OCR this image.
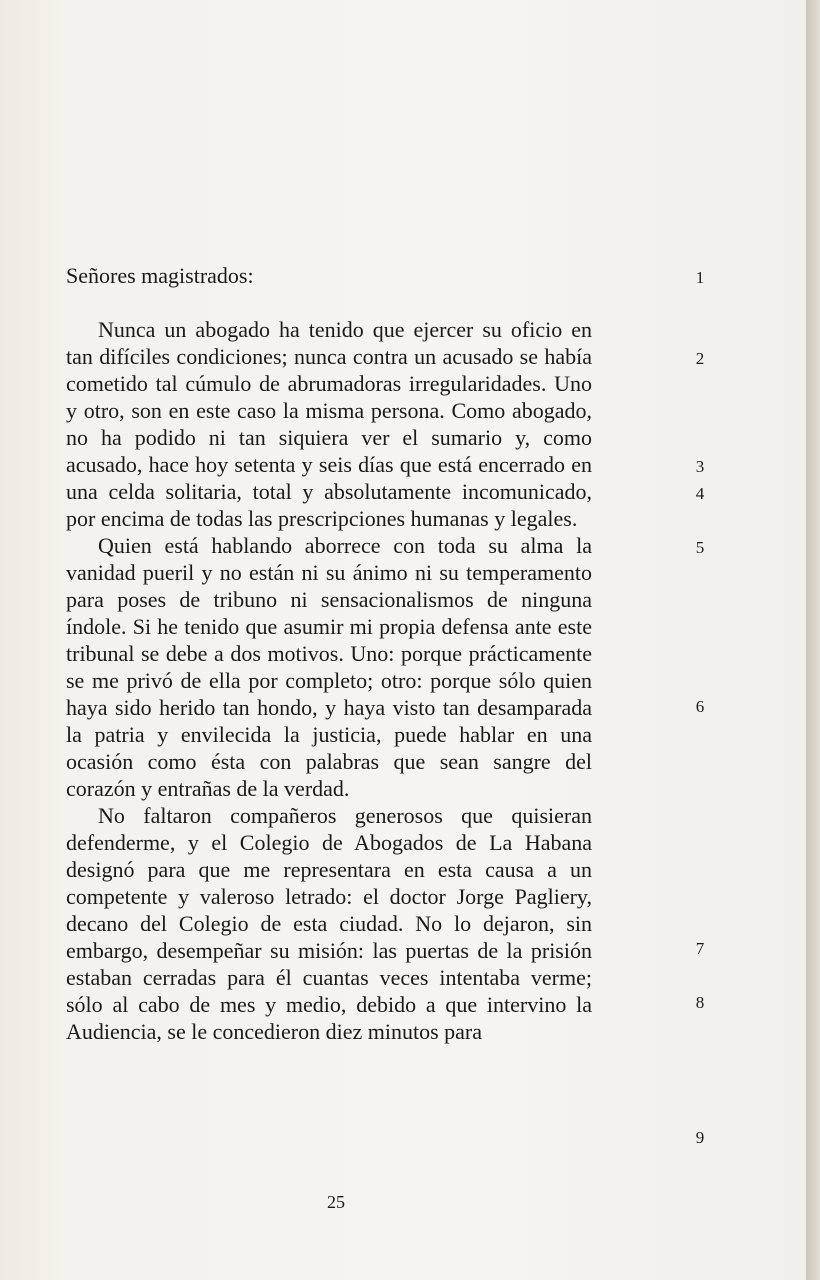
Señores magistrados:

Nunca un abogado ha tenido que ejercer su oficio en tan difíciles condiciones; nunca contra un acusado se había cometido tal cúmulo de abrumadoras irregularidades. Uno y otro, son en este caso la misma persona. Como abogado, no ha podido ni tan siquiera ver el sumario y, como acusado, hace hoy setenta y seis días que está encerrado en una celda solitaria, total y absolutamente incomunicado, por encima de todas las prescripciones humanas y legales.

Quien está hablando aborrece con toda su alma la vanidad pueril y no están ni su ánimo ni su temperamento para poses de tribuno ni sensacionalismos de ninguna índole. Si he tenido que asumir mi propia defensa ante este tribunal se debe a dos motivos. Uno: porque prácticamente se me privó de ella por completo; otro: porque sólo quien haya sido herido tan hondo, y haya visto tan desamparada la patria y envilecida la justicia, puede hablar en una ocasión como ésta con palabras que sean sangre del corazón y entrañas de la verdad.

No faltaron compañeros generosos que quisieran defenderme, y el Colegio de Abogados de La Habana designó para que me representara en esta causa a un competente y valeroso letrado: el doctor Jorge Pagliery, decano del Colegio de esta ciudad. No lo dejaron, sin embargo, desempeñar su misión: las puertas de la prisión estaban cerradas para él cuantas veces intentaba verme; sólo al cabo de mes y medio, debido a que intervino la Audiencia, se le concedieron diez minutos para

1
2
3
4
5
6
7
8
9
25
